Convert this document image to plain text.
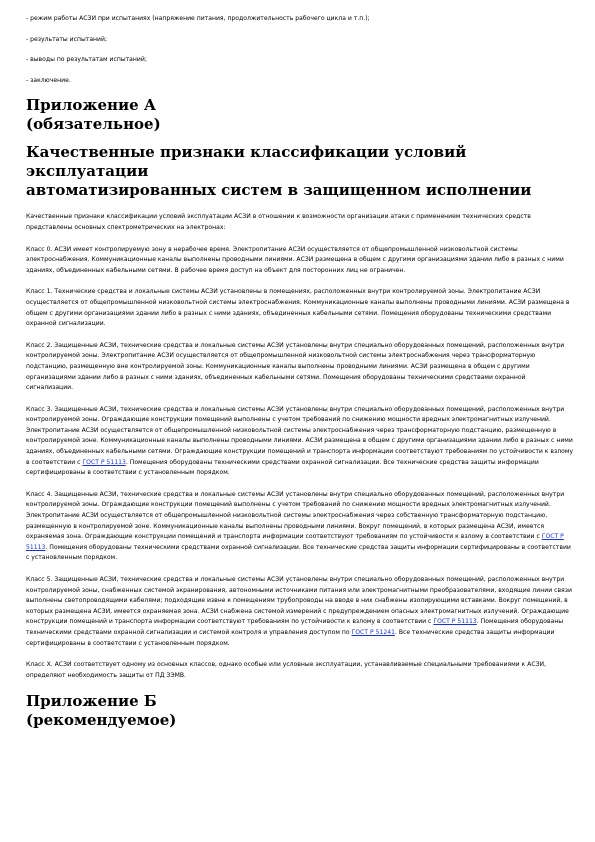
- режим работы АСЗИ при испытаниях (напряжение питания, продолжительность рабочего цикла и т.п.);

- результаты испытаний;

- выводы по результатам испытаний;

- заключение.

Приложение А
(обязательное)
Качественные признаки классификации условий
эксплуатации
автоматизированных систем в защищенном исполнении

Качественные признаки классификации условий эксплуатации АСЗИ в отношении к возможности организации атаки с применением технических средств представлены основных спектрометрических на электронах:

Класс 0. АСЗИ имеет контролируемую зону в нерабочее время. Электропитание АСЗИ осуществляется от общепромышленной низковольтной системы электроснабжения. Коммуникационные каналы выполнены проводными линиями. АСЗИ размещена в общем с другими организациями здании либо в разных с ними зданиях, объединенных кабельными сетями. В рабочее время доступ на объект для посторонних лиц не ограничен.

Класс 1. Технические средства и локальные системы АСЗИ установлены в помещениях, расположенных внутри контролируемой зоны. Электропитание АСЗИ осуществляется от общепромышленной низковольтной системы электроснабжения. Коммуникационные каналы выполнены проводными линиями. АСЗИ размещена в общем с другими организациями здании либо в разных с ними зданиях, объединенных кабельными сетями. Помещения оборудованы техническими средствами охранной сигнализации.

Класс 2. Защищенные АСЗИ, технические средства и локальные системы АСЗИ установлены внутри специально оборудованных помещений, расположенных внутри контролируемой зоны. Электропитание АСЗИ осуществляется от общепромышленной низковольтной системы электроснабжения через трансформаторную подстанцию, размещенную вне контролируемой зоны. Коммуникационные каналы выполнены проводными линиями. АСЗИ размещена в общем с другими организациями здании либо в разных с ними зданиях, объединенных кабельными сетями. Помещения оборудованы техническими средствами охранной сигнализации.

Класс 3. Защищенные АСЗИ, технические средства и локальные системы АСЗИ установлены внутри специально оборудованных помещений, расположенных внутри контролируемой зоны. Ограждающие конструкции помещений выполнены с учетом требований по снижению мощности вредных электромагнитных излучений. Электропитание АСЗИ осуществляется от общепромышленной низковольтной системы электроснабжения через трансформаторную подстанцию, размещенную в контролируемой зоне. Коммуникационные каналы выполнены проводными линиями. АСЗИ размещена в общем с другими организациями здании либо в разных с ними зданиях, объединенных кабельными сетями. Ограждающие конструкции помещений и транспорта информации соответствуют требованиям по устойчивости к взлому в соответствии с ГОСТ Р 51113. Помещения оборудованы техническими средствами охранной сигнализации. Все технические средства защиты информации сертифицированы в соответствии с установленным порядком.

Класс 4. Защищенные АСЗИ, технические средства и локальные системы АСЗИ установлены внутри специально оборудованных помещений, расположенных внутри контролируемой зоны. Ограждающие конструкции помещений выполнены с учетом требований по снижению мощности вредных электромагнитных излучений. Электропитание АСЗИ осуществляется от общепромышленной низковольтной системы электроснабжения через собственную трансформаторную подстанцию, размещенную в контролируемой зоне. Коммуникационные каналы выполнены проводными линиями. Вокруг помещений, в которых размещена АСЗИ, имеется охраняемая зона. Ограждающие конструкции помещений и транспорта информации соответствуют требованиям по устойчивости к взлому в соответствии с ГОСТ Р 51113. Помещения оборудованы техническими средствами охранной сигнализации. Все технические средства защиты информации сертифицированы в соответствии с установленным порядком.

Класс 5. Защищенные АСЗИ, технические средства и локальные системы АСЗИ установлены внутри специально оборудованных помещений, расположенных внутри контролируемой зоны, снабженных системой экранирования, автономными источниками питания или электромагнитными преобразователями, входящие линии связи выполнены светопроводящими кабелями; подходящие извне к помещениям трубопроводы на вводе в них снабжены изолирующими вставками. Вокруг помещений, в которых размещена АСЗИ, имеется охраняемая зона. АСЗИ снабжена системой измерений с предупреждением опасных электромагнитных излучений. Ограждающие конструкции помещений и транспорта информации соответствуют требованиям по устойчивости к взлому в соответствии с ГОСТ Р 51113. Помещения оборудованы техническими средствами охранной сигнализации и системой контроля и управления доступом по ГОСТ Р 51241. Все технические средства защиты информации сертифицированы в соответствии с установленным порядком.

Класс X. АСЗИ соответствует одному из основных классов, однако особые или условные эксплуатации, устанавливаемые специальными требованиями к АСЗИ, определяют необходимость защиты от ПД ЗЭМВ.

Приложение Б
(рекомендуемое)
